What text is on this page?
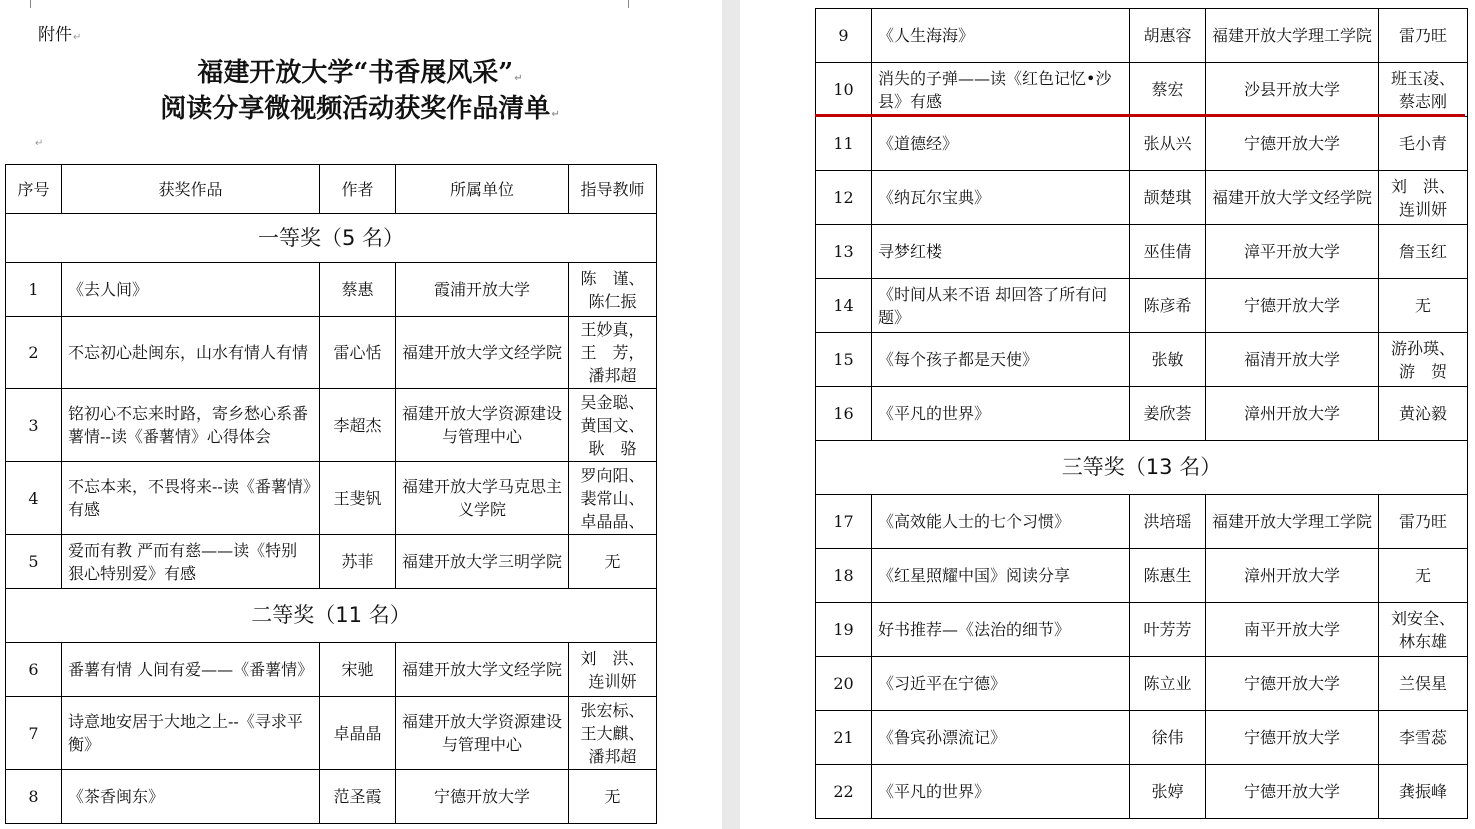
附件↵
福建开放大学“书香展风采”↵
阅读分享微视频活动获奖作品清单↵
↵
序号	获奖作品	作者	所属单位	指导教师
一等奖（5 名）				
1	《去人间》	蔡惠	霞浦开放大学	陈　谨、陈仁振
2	不忘初心赴闽东，山水有情人有情	雷心恬	福建开放大学文经学院	王妙真，王　芳，潘邦超
3	铭初心不忘来时路，寄乡愁心系番薯情--读《番薯情》心得体会	李超杰	福建开放大学资源建设与管理中心	吴金聪、黄国文、耿　骆
4	不忘本来，不畏将来--读《番薯情》有感	王斐钒	福建开放大学马克思主义学院	罗向阳、裴常山、卓晶晶、
5	爱而有教 严而有慈——读《特别狠心特别爱》有感	苏菲	福建开放大学三明学院	无
二等奖（11 名）				
6	番薯有情 人间有爱——《番薯情》	宋驰	福建开放大学文经学院	刘　洪、连训妍
7	诗意地安居于大地之上--《寻求平衡》	卓晶晶	福建开放大学资源建设与管理中心	张宏标、王大麒、潘邦超
8	《茶香闽东》	范圣霞	宁德开放大学	无
9	《人生海海》	胡惠容	福建开放大学理工学院	雷乃旺
10	消失的子弹——读《红色记忆•沙县》有感	蔡宏	沙县开放大学	班玉凌、蔡志刚
11	《道德经》	张从兴	宁德开放大学	毛小青
12	《纳瓦尔宝典》	颉楚琪	福建开放大学文经学院	刘　洪、连训妍
13	寻梦红楼	巫佳倩	漳平开放大学	詹玉红
14	《时间从来不语 却回答了所有问题》	陈彦希	宁德开放大学	无
15	《每个孩子都是天使》	张敏	福清开放大学	游孙瑛、游　贺
16	《平凡的世界》	姜欣荟	漳州开放大学	黄沁毅
三等奖（13 名）				
17	《高效能人士的七个习惯》	洪培瑶	福建开放大学理工学院	雷乃旺
18	《红星照耀中国》阅读分享	陈惠生	漳州开放大学	无
19	好书推荐—《法治的细节》	叶芳芳	南平开放大学	刘安全、林东雄
20	《习近平在宁德》	陈立业	宁德开放大学	兰俣星
21	《鲁宾孙漂流记》	徐伟	宁德开放大学	李雪蕊
22	《平凡的世界》	张婷	宁德开放大学	龚振峰
